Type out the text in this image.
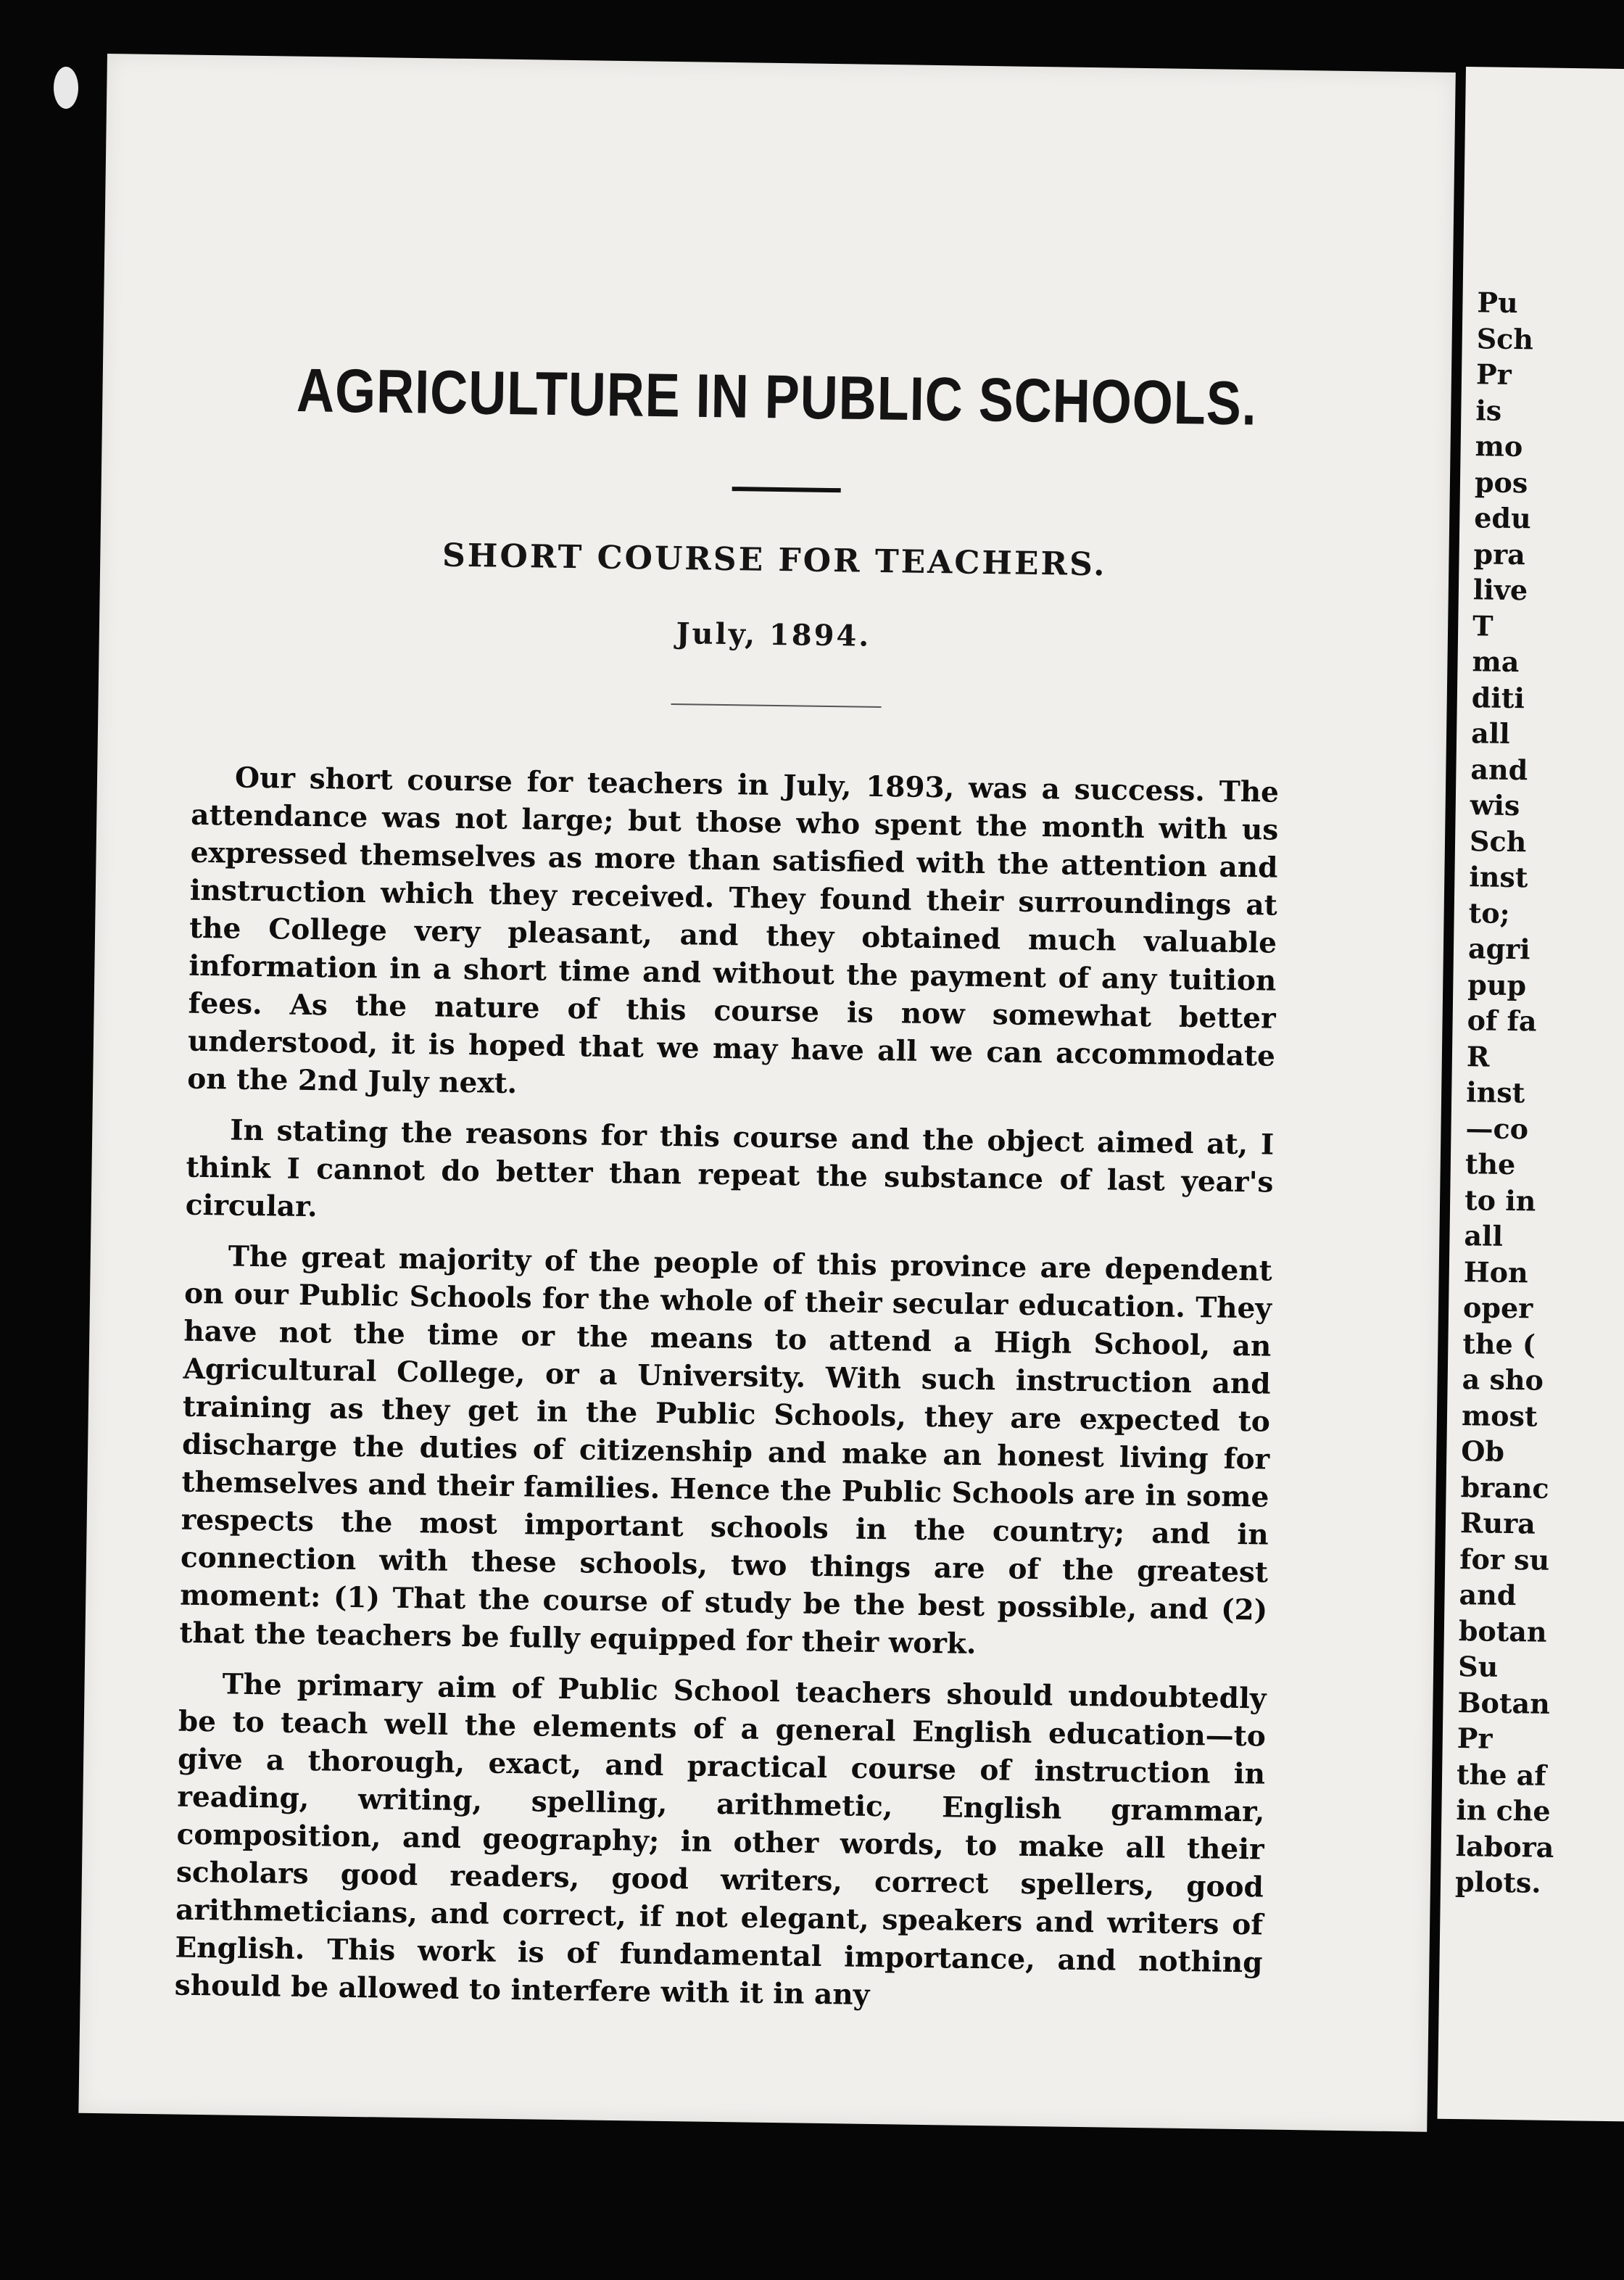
AGRICULTURE IN PUBLIC SCHOOLS.
SHORT COURSE FOR TEACHERS.
July, 1894.

Our short course for teachers in July, 1893, was a success. The attendance was not large; but those who spent the month with us expressed themselves as more than satisfied with the attention and instruction which they received. They found their surroundings at the College very pleasant, and they obtained much valuable information in a short time and without the payment of any tuition fees. As the nature of this course is now somewhat better understood, it is hoped that we may have all we can accommodate on the 2nd July next.

In stating the reasons for this course and the object aimed at, I think I cannot do better than repeat the substance of last year's circular.

The great majority of the people of this province are dependent on our Public Schools for the whole of their secular education. They have not the time or the means to attend a High School, an Agricultural College, or a University. With such instruction and training as they get in the Public Schools, they are expected to discharge the duties of citizenship and make an honest living for themselves and their families. Hence the Public Schools are in some respects the most important schools in the country; and in connection with these schools, two things are of the greatest moment: (1) That the course of study be the best possible, and (2) that the teachers be fully equipped for their work.

The primary aim of Public School teachers should undoubtedly be to teach well the elements of a general English education—to give a thorough, exact, and practical course of instruction in reading, writing, spelling, arithmetic, English grammar, composition, and geography; in other words, to make all their scholars good readers, good writers, correct spellers, good arithmeticians, and correct, if not elegant, speakers and writers of English. This work is of fundamental importance, and nothing should be allowed to interfere with it in any

Pu
Sch
Pr
is
mo
pos
edu
pra
live
T
ma
diti
all
and
wis
Sch
inst
to;
agri
pup
of fa
R
inst
—co
the
to in
all
Hon
oper
the (
a sho
most
Ob
branc
Rura
for su
and
botan
Su
Botan
Pr
the af
in che
labora
plots.
